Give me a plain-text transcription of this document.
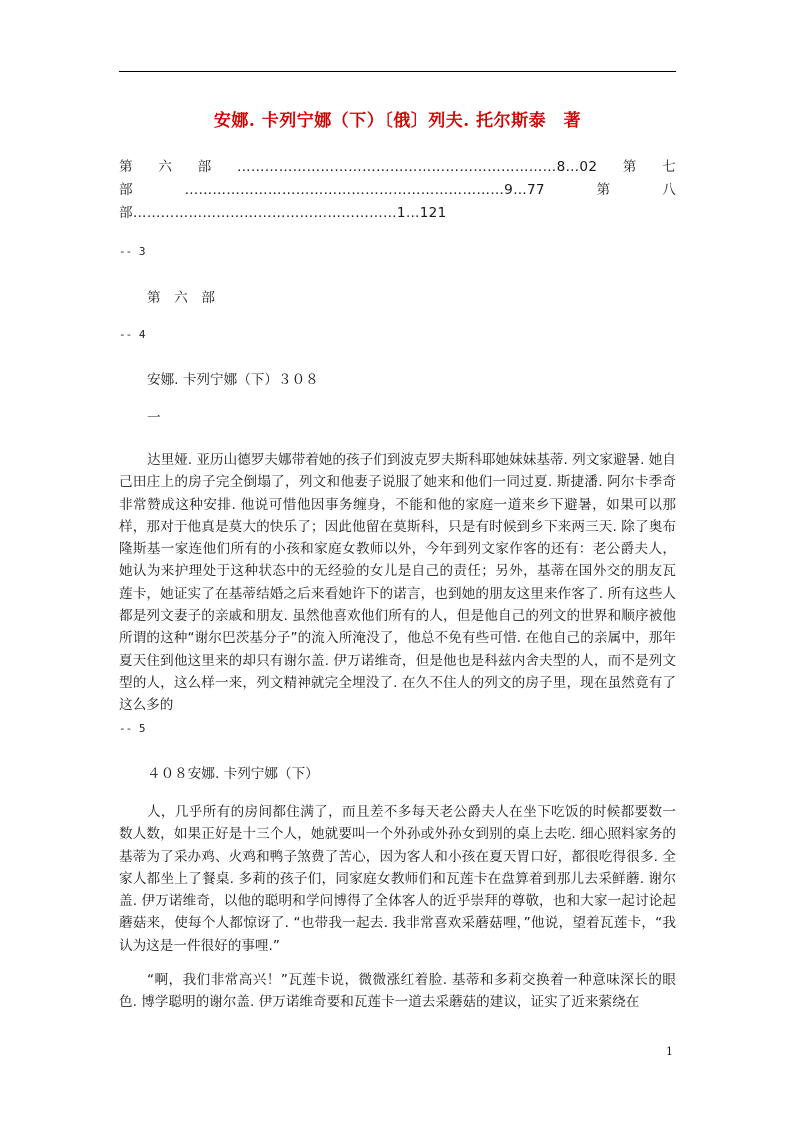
安娜. 卡列宁娜（下）〔俄〕列夫. 托尔斯泰　著
第六部……………………………………………………………8…02第七部……………………………………………………………9…77第八部…………………………………………………1…121
-- 3
第　六　部
-- 4
安娜. 卡列宁娜（下）３０８
一
达里娅. 亚历山德罗夫娜带着她的孩子们到波克罗夫斯科耶她妹妹基蒂. 列文家避暑. 她自己田庄上的房子完全倒塌了，列文和他妻子说服了她来和他们一同过夏. 斯捷潘. 阿尔卡季奇非常赞成这种安排. 他说可惜他因事务缠身，不能和他的家庭一道来乡下避暑，如果可以那样，那对于他真是莫大的快乐了；因此他留在莫斯科，只是有时候到乡下来两三天. 除了奥布隆斯基一家连他们所有的小孩和家庭女教师以外，今年到列文家作客的还有：老公爵夫人，她认为来护理处于这种状态中的无经验的女儿是自己的责任；另外，基蒂在国外交的朋友瓦莲卡，她证实了在基蒂结婚之后来看她许下的诺言，也到她的朋友这里来作客了. 所有这些人都是列文妻子的亲戚和朋友. 虽然他喜欢他们所有的人，但是他自己的列文的世界和顺序被他所谓的这种“谢尔巴茨基分子”的流入所淹没了，他总不免有些可惜. 在他自己的亲属中，那年夏天住到他这里来的却只有谢尔盖. 伊万诺维奇，但是他也是科兹内舍夫型的人，而不是列文型的人，这么样一来，列文精神就完全埋没了. 在久不住人的列文的房子里，现在虽然竟有了这么多的
-- 5
４０８安娜. 卡列宁娜（下）
人，几乎所有的房间都住满了，而且差不多每天老公爵夫人在坐下吃饭的时候都要数一数人数，如果正好是十三个人，她就要叫一个外孙或外孙女到别的桌上去吃. 细心照料家务的基蒂为了采办鸡、火鸡和鸭子煞费了苦心，因为客人和小孩在夏天胃口好，都很吃得很多. 全家人都坐上了餐桌. 多莉的孩子们，同家庭女教师们和瓦莲卡在盘算着到那儿去采鲜蘑. 谢尔盖. 伊万诺维奇，以他的聪明和学问博得了全体客人的近乎崇拜的尊敬，也和大家一起讨论起蘑菇来，使每个人都惊讶了. “也带我一起去. 我非常喜欢采蘑菇哩，”他说，望着瓦莲卡，“我认为这是一件很好的事哩.”
“啊，我们非常高兴！”瓦莲卡说，微微涨红着脸. 基蒂和多莉交换着一种意味深长的眼色. 博学聪明的谢尔盖. 伊万诺维奇要和瓦莲卡一道去采蘑菇的建议，证实了近来萦绕在
1
